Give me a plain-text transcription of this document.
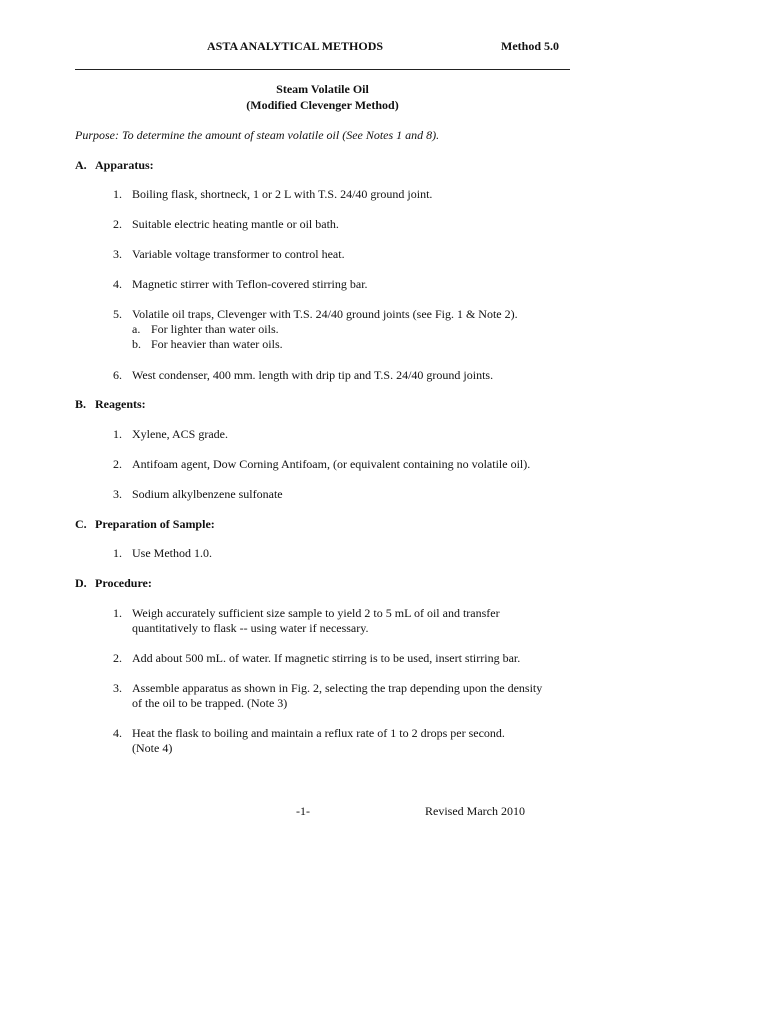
ASTA ANALYTICAL METHODS	Method 5.0
Steam Volatile Oil
(Modified Clevenger Method)
Purpose: To determine the amount of steam volatile oil (See Notes 1 and 8).
A. Apparatus:
1. Boiling flask, shortneck, 1 or 2 L with T.S. 24/40 ground joint.
2. Suitable electric heating mantle or oil bath.
3. Variable voltage transformer to control heat.
4. Magnetic stirrer with Teflon-covered stirring bar.
5. Volatile oil traps, Clevenger with T.S. 24/40 ground joints (see Fig. 1 & Note 2).
a. For lighter than water oils.
b. For heavier than water oils.
6. West condenser, 400 mm. length with drip tip and T.S. 24/40 ground joints.
B. Reagents:
1. Xylene, ACS grade.
2. Antifoam agent, Dow Corning Antifoam, (or equivalent containing no volatile oil).
3. Sodium alkylbenzene sulfonate
C. Preparation of Sample:
1. Use Method 1.0.
D. Procedure:
1. Weigh accurately sufficient size sample to yield 2 to 5 mL of oil and transfer
quantitatively to flask -- using water if necessary.
2. Add about 500 mL. of water. If magnetic stirring is to be used, insert stirring bar.
3. Assemble apparatus as shown in Fig. 2, selecting the trap depending upon the density
of the oil to be trapped. (Note 3)
4. Heat the flask to boiling and maintain a reflux rate of 1 to 2 drops per second.
(Note 4)
-1-	Revised March 2010
